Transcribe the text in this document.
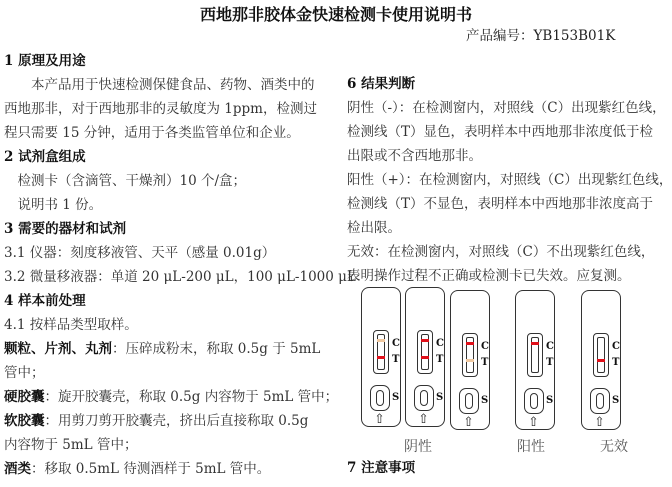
西地那非胶体金快速检测卡使用说明书
产品编号：YB153B01K
1 原理及用途
　　本产品用于快速检测保健食品、药物、酒类中的
西地那非，对于西地那非的灵敏度为 1ppm，检测过
程只需要 15 分钟，适用于各类监管单位和企业。
2 试剂盒组成
　检测卡（含滴管、干燥剂）10 个/盒；
　说明书 1 份。
3 需要的器材和试剂
3.1 仪器：刻度移液管、天平（感量 0.01g）
3.2 微量移液器：单道 20 μL-200 μL，100 μL-1000 μL
4 样本前处理
4.1 按样品类型取样。
颗粒、片剂、丸剂：压碎成粉末，称取 0.5g 于 5mL
管中；
硬胶囊：旋开胶囊壳，称取 0.5g 内容物于 5mL 管中；
软胶囊：用剪刀剪开胶囊壳，挤出后直接称取 0.5g
内容物于 5mL 管中；
酒类：移取 0.5mL 待测酒样于 5mL 管中。
6 结果判断
阴性（-）：在检测窗内，对照线（C）出现紫红色线，
检测线（T）显色，表明样本中西地那非浓度低于检
出限或不含西地那非。
阳性（+）：在检测窗内，对照线（C）出现紫红色线，
检测线（T）不显色，表明样本中西地那非浓度高于
检出限。
无效：在检测窗内，对照线（C）不出现紫红色线，
表明操作过程不正确或检测卡已失效。应复测。
C
T
S
⇧
C
T
S
⇧
C
T
S
⇧
C
T
S
⇧
C
T
S
⇧
阴性	阳性	无效
7 注意事项
